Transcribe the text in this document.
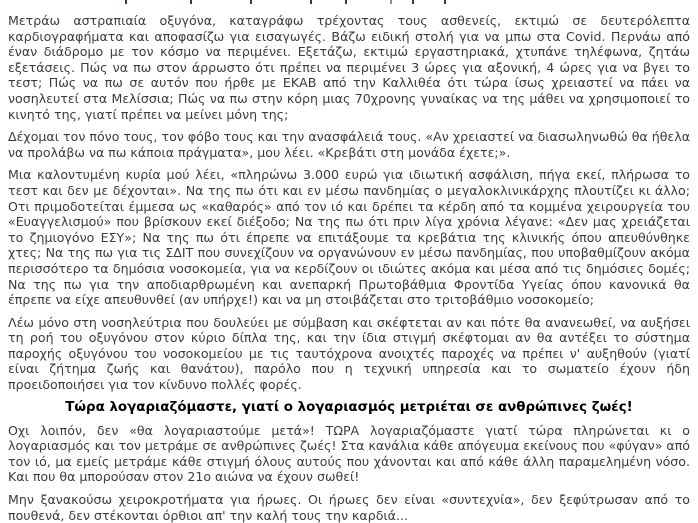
Μετράω αστραπιαία οξυγόνα, καταγράφω τρέχοντας τους ασθενείς, εκτιμώ σε δευτερόλεπτα καρδιογραφήματα και αποφασίζω για εισαγωγές. Βάζω ειδική στολή για να μπω στα Covid. Περνάω από έναν διάδρομο με τον κόσμο να περιμένει. Εξετάζω, εκτιμώ εργαστηριακά, χτυπάνε τηλέφωνα, ζητάω εξετάσεις. Πώς να πω στον άρρωστο ότι πρέπει να περιμένει 3 ώρες για αξονική, 4 ώρες για να βγει το τεστ; Πώς να πω σε αυτόν που ήρθε με ΕΚΑΒ από την Καλλιθέα ότι τώρα ίσως χρειαστεί να πάει να νοσηλευτεί στα Μελίσσια; Πώς να πω στην κόρη μιας 70χρονης γυναίκας να της μάθει να χρησιμοποιεί το κινητό της, γιατί πρέπει να μείνει μόνη της;

Δέχομαι τον πόνο τους, τον φόβο τους και την ανασφάλειά τους. «Αν χρειαστεί να διασωληνωθώ θα ήθελα να προλάβω να πω κάποια πράγματα», μου λέει. «Κρεβάτι στη μονάδα έχετε;».

Μια καλοντυμένη κυρία μού λέει, «πληρώνω 3.000 ευρώ για ιδιωτική ασφάλιση, πήγα εκεί, πλήρωσα το τεστ και δεν με δέχονται». Να της πω ότι και εν μέσω πανδημίας ο μεγαλοκλινικάρχης πλουτίζει κι άλλο; Οτι πριμοδοτείται έμμεσα ως «καθαρός» από τον ιό και δρέπει τα κέρδη από τα κομμένα χειρουργεία του «Ευαγγελισμού» που βρίσκουν εκεί διέξοδο; Να της πω ότι πριν λίγα χρόνια λέγανε: «Δεν μας χρειάζεται το ζημιογόνο ΕΣΥ»; Να της πω ότι έπρεπε να επιτάξουμε τα κρεβάτια της κλινικής όπου απευθύνθηκε χτες; Να της πω για τις ΣΔΙΤ που συνεχίζουν να οργανώνουν εν μέσω πανδημίας, που υποβαθμίζουν ακόμα περισσότερο τα δημόσια νοσοκομεία, για να κερδίζουν οι ιδιώτες ακόμα και μέσα από τις δημόσιες δομές; Να της πω για την αποδιαρθρωμένη και ανεπαρκή Πρωτοβάθμια Φροντίδα Υγείας όπου κανονικά θα έπρεπε να είχε απευθυνθεί (αν υπήρχε!) και να μη στοιβάζεται στο τριτοβάθμιο νοσοκομείο;

Λέω μόνο στη νοσηλεύτρια που δουλεύει με σύμβαση και σκέφτεται αν και πότε θα ανανεωθεί, να αυξήσει τη ροή του οξυγόνου στον κύριο δίπλα της, και την ίδια στιγμή σκέφτομαι αν θα αντέξει το σύστημα παροχής οξυγόνου του νοσοκομείου με τις ταυτόχρονα ανοιχτές παροχές να πρέπει ν' αυξηθούν (γιατί είναι ζήτημα ζωής και θανάτου), παρόλο που η τεχνική υπηρεσία και το σωματείο έχουν ήδη προειδοποιήσει για τον κίνδυνο πολλές φορές.

Τώρα λογαριαζόμαστε, γιατί ο λογαριασμός μετριέται σε ανθρώπινες ζωές!

Οχι λοιπόν, δεν «θα λογαριαστούμε μετά»! ΤΩΡΑ λογαριαζόμαστε γιατί τώρα πληρώνεται κι ο λογαριασμός και τον μετράμε σε ανθρώπινες ζωές! Στα κανάλια κάθε απόγευμα εκείνους που «φύγαν» από τον ιό, μα εμείς μετράμε κάθε στιγμή όλους αυτούς που χάνονται και από κάθε άλλη παραμελημένη νόσο. Και που θα μπορούσαν στον 21ο αιώνα να έχουν σωθεί!

Μην ξανακούσω χειροκροτήματα για ήρωες. Οι ήρωες δεν είναι «συντεχνία», δεν ξεφύτρωσαν από το πουθενά, δεν στέκονται όρθιοι απ' την καλή τους την καρδιά...
